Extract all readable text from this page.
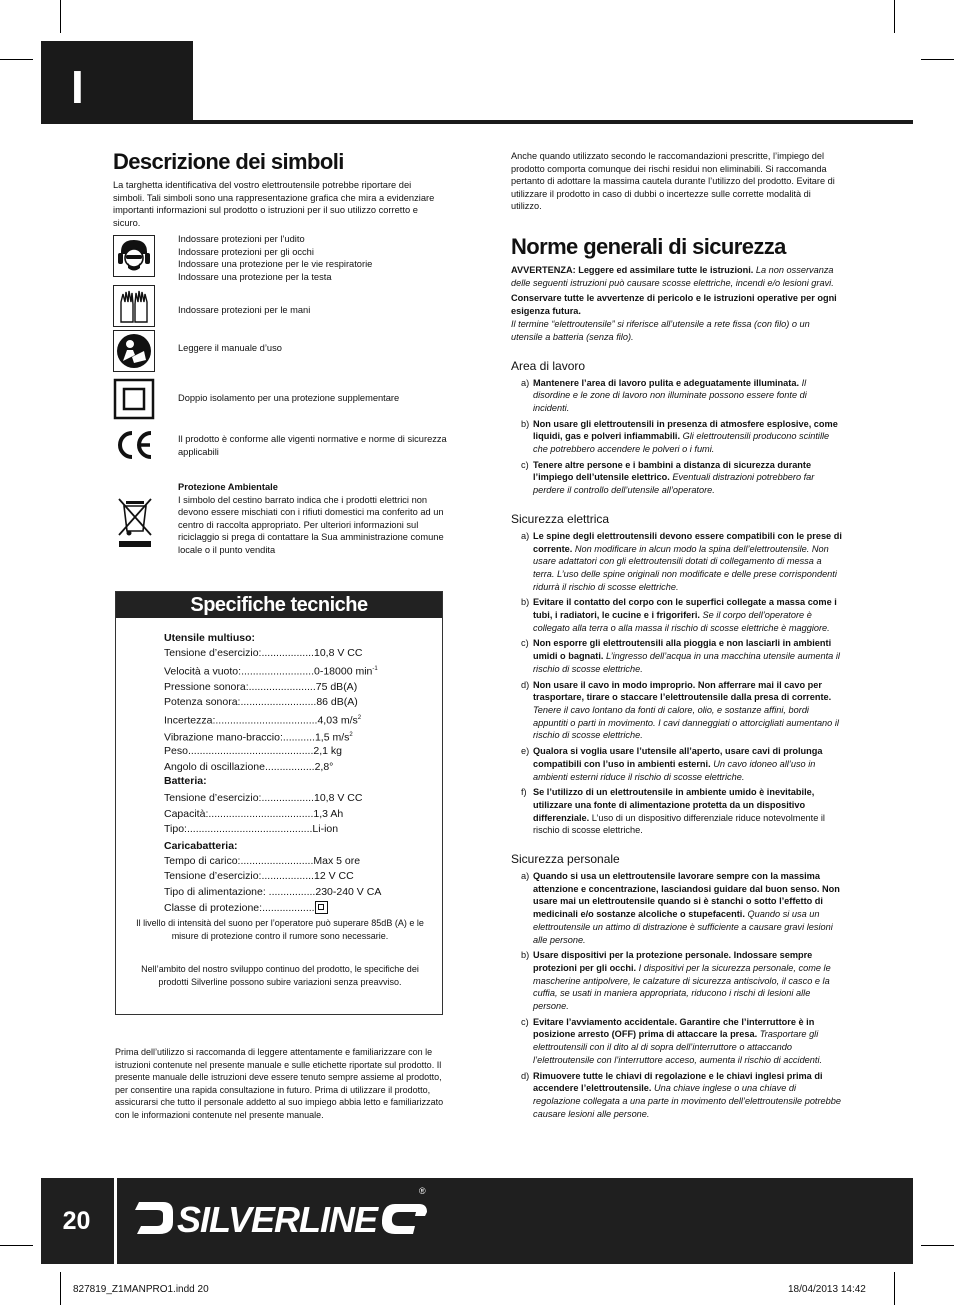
I
Descrizione dei simboli
La targhetta identificativa del vostro elettroutensile potrebbe riportare dei simboli. Tali simboli sono una rappresentazione grafica che mira a evidenziare importanti informazioni sul prodotto o istruzioni per il suo utilizzo corretto e sicuro.
Indossare protezioni per l’udito
Indossare protezioni per gli occhi
Indossare una protezione per le vie respiratorie
Indossare una protezione per la testa
Indossare protezioni per le mani
Leggere il manuale d’uso
Doppio isolamento per una protezione supplementare
Il prodotto è conforme alle vigenti normative e norme di sicurezza applicabili
Protezione Ambientale
I simbolo del cestino barrato indica che i prodotti elettrici non devono essere mischiati con i rifiuti domestici ma conferito ad un centro di raccolta appropriato. Per ulteriori informazioni sul riciclaggio si prega di contattare la Sua amministrazione comune locale o il punto vendita
Specifiche tecniche
Utensile multiuso:
Tensione d’esercizio:..................10,8 V CC
Velocità a vuoto:.........................0-18000 $\min^{-1}$
Pressione sonora:.......................75 dB(A)
Potenza sonora:..........................86 dB(A)
Incertezza:...................................4,03 $m/s^2$
Vibrazione mano-braccio:...........1,5 $m/s^2$
Peso...........................................2,1 kg
Angolo di oscillazione.................2,8°
Batteria:
Tensione d’esercizio:..................10,8 V CC
Capacità:....................................1,3 Ah
Tipo:...........................................Li-ion
Caricabatteria:
Tempo di carico:.........................Max 5 ore
Tensione d’esercizio:..................12 V CC
Tipo di alimentazione: ................230-240 V CA
Classe di protezione:..................
Il livello di intensità del suono per l’operatore può superare 85dB (A) e le misure di protezione contro il rumore sono necessarie.
Nell’ambito del nostro sviluppo continuo del prodotto, le specifiche dei prodotti Silverline possono subire variazioni senza preavviso.
Prima dell’utilizzo si raccomanda di leggere attentamente e familiarizzare con le istruzioni contenute nel presente manuale e sulle etichette riportate sul prodotto. Il presente manuale delle istruzioni deve essere tenuto sempre assieme al prodotto, per consentire una rapida consultazione in futuro. Prima di utilizzare il prodotto, assicurarsi che tutto il personale addetto al suo impiego abbia letto e familiarizzato con le informazioni contenute nel presente manuale.
Anche quando utilizzato secondo le raccomandazioni prescritte, l’impiego del prodotto comporta comunque dei rischi residui non eliminabili. Si raccomanda pertanto di adottare la massima cautela durante l’utilizzo del prodotto. Evitare di utilizzare il prodotto in caso di dubbi o incertezze sulle corrette modalità di utilizzo.
Norme generali di sicurezza
AVVERTENZA: Leggere ed assimilare tutte le istruzioni. La non osservanza delle seguenti istruzioni può causare scosse elettriche, incendi e/o lesioni gravi.
Conservare tutte le avvertenze di pericolo e le istruzioni operative per ogni esigenza futura.
Il termine “elettroutensile” si riferisce all’utensile a rete fissa (con filo) o un utensile a batteria (senza filo).
Area di lavoro
a) Mantenere l’area di lavoro pulita e adeguatamente illuminata. Il disordine e le zone di lavoro non illuminate possono essere fonte di incidenti.
b) Non usare gli elettroutensili in presenza di atmosfere esplosive, come liquidi, gas e polveri infiammabili. Gli elettroutensili producono scintille che potrebbero accendere le polveri o i fumi.
c) Tenere altre persone e i bambini a distanza di sicurezza durante l’impiego dell’utensile elettrico. Eventuali distrazioni potrebbero far perdere il controllo dell’utensile all’operatore.
Sicurezza elettrica
a) Le spine degli elettroutensili devono essere compatibili con le prese di corrente. Non modificare in alcun modo la spina dell’elettroutensile. Non usare adattatori con gli elettroutensili dotati di collegamento di messa a terra. L’uso delle spine originali non modificate e delle prese corrispondenti ridurrà il rischio di scosse elettriche.
b) Evitare il contatto del corpo con le superfici collegate a massa come i tubi, i radiatori, le cucine e i frigoriferi. Se il corpo dell’operatore è collegato alla terra o alla massa il rischio di scosse elettriche è maggiore.
c) Non esporre gli elettroutensili alla pioggia e non lasciarli in ambienti umidi o bagnati. L’ingresso dell’acqua in una macchina utensile aumenta il rischio di scosse elettriche.
d) Non usare il cavo in modo improprio. Non afferrare mai il cavo per trasportare, tirare o staccare l’elettroutensile dalla presa di corrente. Tenere il cavo lontano da fonti di calore, olio, e sostanze affini, bordi appuntiti o parti in movimento. I cavi danneggiati o attorcigliati aumentano il rischio di scosse elettriche.
e) Qualora si voglia usare l’utensile all’aperto, usare cavi di prolunga compatibili con l’uso in ambienti esterni. Un cavo idoneo all’uso in ambienti esterni riduce il rischio di scosse elettriche.
f) Se l’utilizzo di un elettroutensile in ambiente umido è inevitabile, utilizzare una fonte di alimentazione protetta da un dispositivo differenziale. L’uso di un dispositivo differenziale riduce notevolmente il rischio di scosse elettriche.
Sicurezza personale
a) Quando si usa un elettroutensile lavorare sempre con la massima attenzione e concentrazione, lasciandosi guidare dal buon senso. Non usare mai un elettroutensile quando si è stanchi o sotto l’effetto di medicinali e/o sostanze alcoliche o stupefacenti. Quando si usa un elettroutensile un attimo di distrazione è sufficiente a causare gravi lesioni alle persone.
b) Usare dispositivi per la protezione personale. Indossare sempre protezioni per gli occhi. I dispositivi per la sicurezza personale, come le mascherine antipolvere, le calzature di sicurezza antiscivolo, il casco e la cuffia, se usati in maniera appropriata, riducono i rischi di lesioni alle persone.
c) Evitare l’avviamento accidentale. Garantire che l’interruttore è in posizione arresto (OFF) prima di attaccare la presa. Trasportare gli elettroutensili con il dito al di sopra dell’interruttore o attaccando l’elettroutensile con l’interruttore acceso, aumenta il rischio di accidenti.
d) Rimuovere tutte le chiavi di regolazione e le chiavi inglesi prima di accendere l’elettroutensile. Una chiave inglese o una chiave di regolazione collegata a una parte in movimento dell’elettroutensile potrebbe causare lesioni alle persone.
20	SILVERLINE
®
827819_Z1MANPRO1.indd 20	18/04/2013 14:42
